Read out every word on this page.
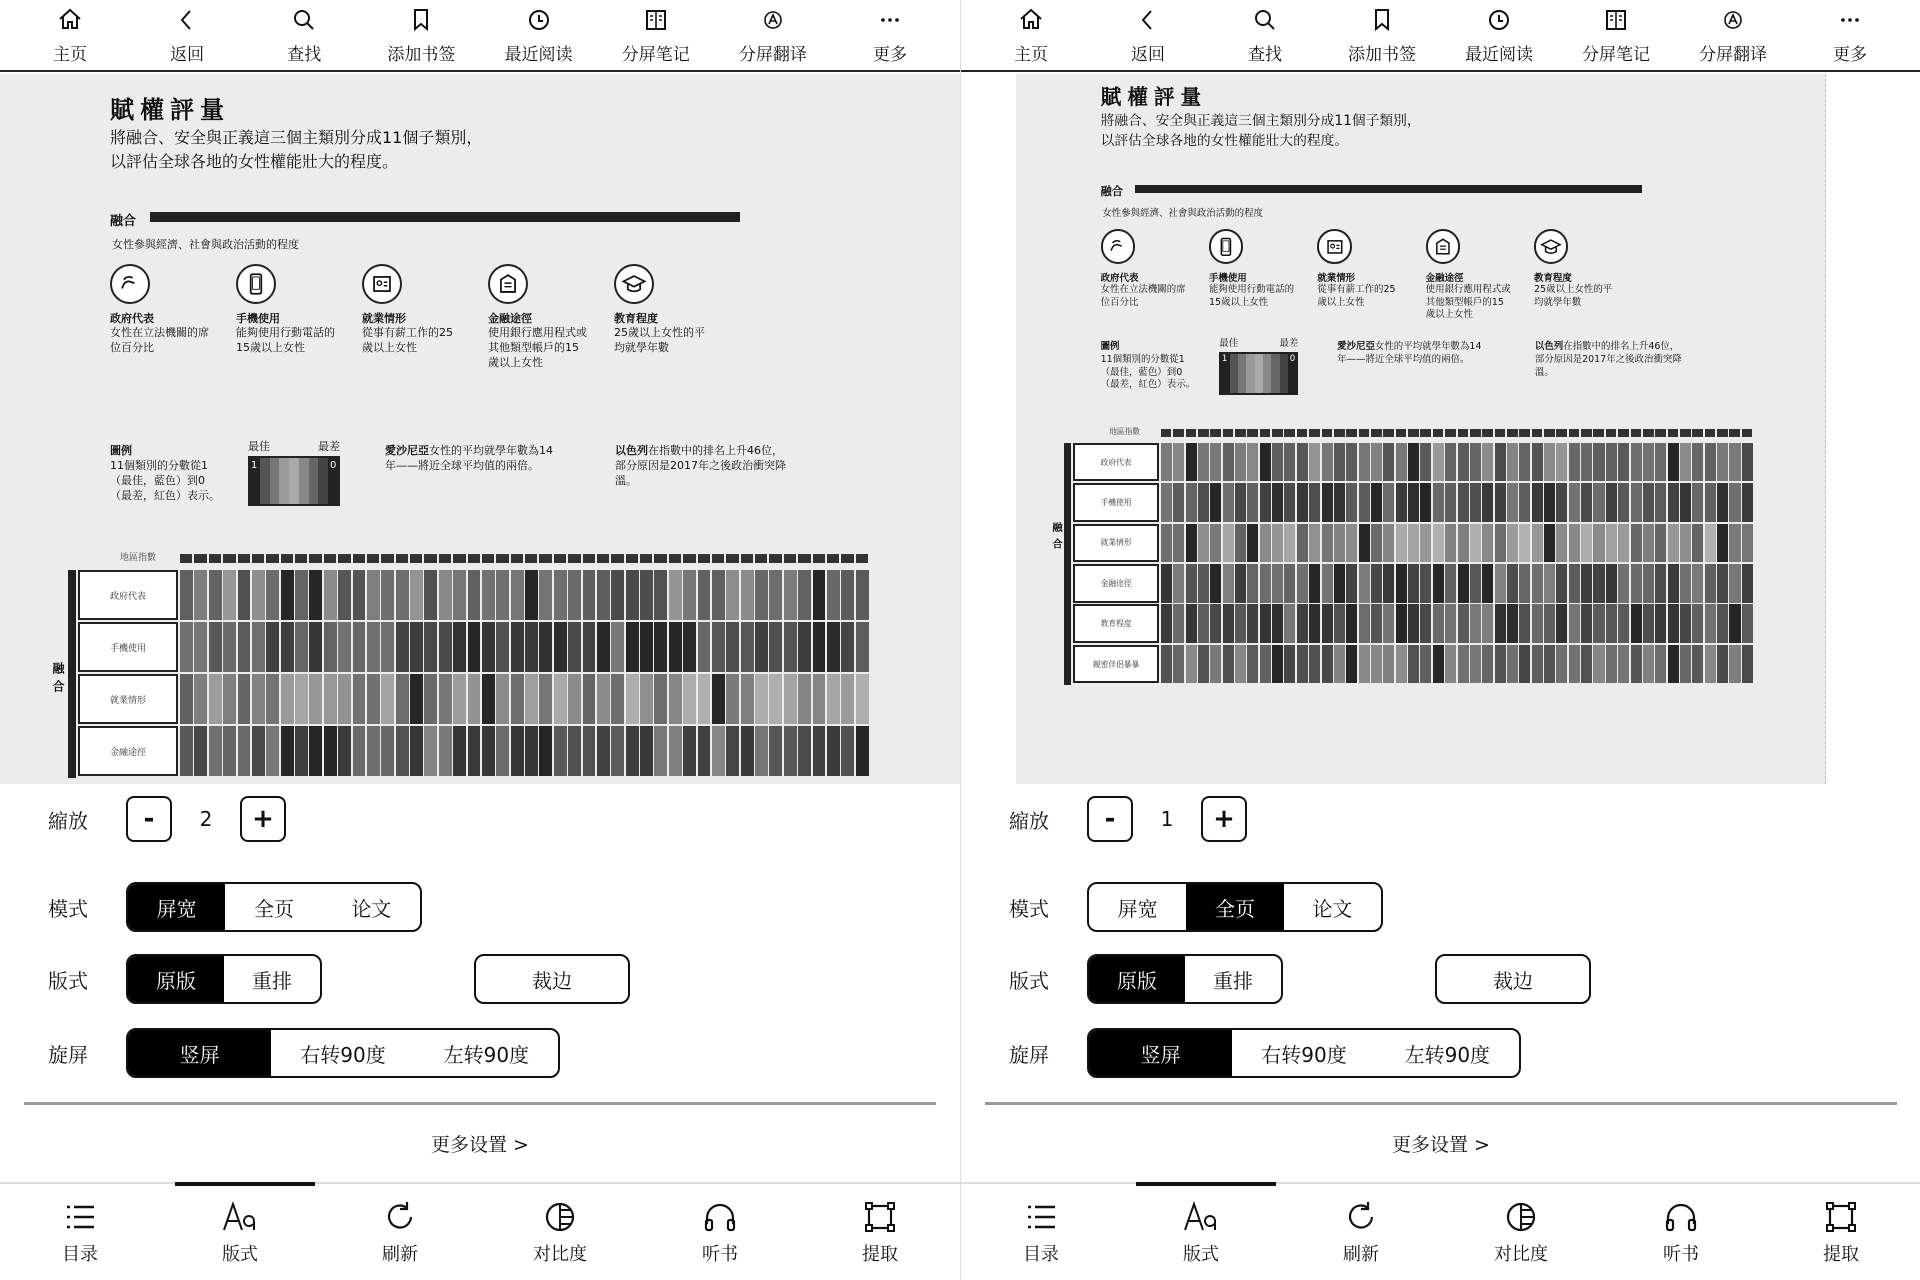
主页	返回	查找	添加书签	最近阅读	分屏笔记	分屏翻译	更多
賦權評量
將融合、安全與正義這三個主類別分成11個子類別，
以評估全球各地的女性權能壯大的程度。
融合
女性參與經濟、社會與政治活動的程度
政府代表

女性在立法機關的席位百分比

手機使用

能夠使用行動電話的15歲以上女性

就業情形

從事有薪工作的25歲以上女性

金融途徑

使用銀行應用程式或其他類型帳戶的15歲以上女性

教育程度

25歲以上女性的平均就學年數

圖例
11個類別的分數從1（最佳，藍色）到0（最差，紅色）表示。
最佳	最差
1	0
愛沙尼亞女性的平均就學年數為14年——將近全球平均值的兩倍。
以色列在指數中的排名上升46位，部分原因是2017年之後政治衝突降溫。
地區指數
融合
政府代表
手機使用
就業情形
金融途徑
縮放	-	2	+
模式	屏宽	全页	论文
版式	原版	重排	裁边
旋屏	竖屏	右转90度	左转90度
更多设置 >
目录	版式	刷新	对比度	听书	提取
主页	返回	查找	添加书签	最近阅读	分屏笔记	分屏翻译	更多
賦權評量
將融合、安全與正義這三個主類別分成11個子類別，
以評估全球各地的女性權能壯大的程度。
融合
女性參與經濟、社會與政治活動的程度
政府代表

女性在立法機關的席位百分比

手機使用

能夠使用行動電話的15歲以上女性

就業情形

從事有薪工作的25歲以上女性

金融途徑

使用銀行應用程式或其他類型帳戶的15歲以上女性

教育程度

25歲以上女性的平均就學年數

圖例
11個類別的分數從1（最佳，藍色）到0（最差，紅色）表示。
最佳	最差
1	0
愛沙尼亞女性的平均就學年數為14年——將近全球平均值的兩倍。
以色列在指數中的排名上升46位，部分原因是2017年之後政治衝突降溫。
地區指數
融合
政府代表
手機使用
就業情形
金融途徑
教育程度
親密伴侶暴暴
縮放	-	1	+
模式	屏宽	全页	论文
版式	原版	重排	裁边
旋屏	竖屏	右转90度	左转90度
更多设置 >
目录	版式	刷新	对比度	听书	提取
